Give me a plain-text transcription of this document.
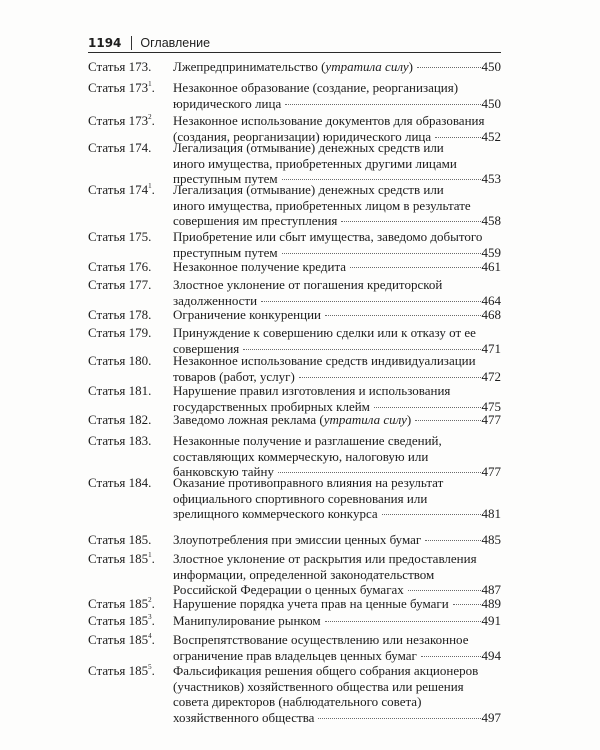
1194 Оглавление
Статья 173.	Лжепредпринимательство (утратила силу)	450
Статья $173^1$.	Незаконное образование (создание, реорганизация)
юридического лица	450
Статья $173^2$.	Незаконное использование документов для образования
(создания, реорганизации) юридического лица	452
Статья 174.	Легализация (отмывание) денежных средств или
иного имущества, приобретенных другими лицами
преступным путем	453
Статья $174^1$.	Легализация (отмывание) денежных средств или
иного имущества, приобретенных лицом в результате
совершения им преступления	458
Статья 175.	Приобретение или сбыт имущества, заведомо добытого
преступным путем	459
Статья 176.	Незаконное получение кредита	461
Статья 177.	Злостное уклонение от погашения кредиторской
задолженности	464
Статья 178.	Ограничение конкуренции	468
Статья 179.	Принуждение к совершению сделки или к отказу от ее
совершения	471
Статья 180.	Незаконное использование средств индивидуализации
товаров (работ, услуг)	472
Статья 181.	Нарушение правил изготовления и использования
государственных пробирных клейм	475
Статья 182.	Заведомо ложная реклама (утратила силу)	477
Статья 183.	Незаконные получение и разглашение сведений,
составляющих коммерческую, налоговую или
банковскую тайну	477
Статья 184.	Оказание противоправного влияния на результат
официального спортивного соревнования или
зрелищного коммерческого конкурса	481
Статья 185.	Злоупотребления при эмиссии ценных бумаг	485
Статья $185^1$.	Злостное уклонение от раскрытия или предоставления
информации, определенной законодательством
Российской Федерации о ценных бумагах	487
Статья $185^2$.	Нарушение порядка учета прав на ценные бумаги	489
Статья $185^3$.	Манипулирование рынком	491
Статья $185^4$.	Воспрепятствование осуществлению или незаконное
ограничение прав владельцев ценных бумаг	494
Статья $185^5$.	Фальсификация решения общего собрания акционеров
(участников) хозяйственного общества или решения
совета директоров (наблюдательного совета)
хозяйственного общества	497
